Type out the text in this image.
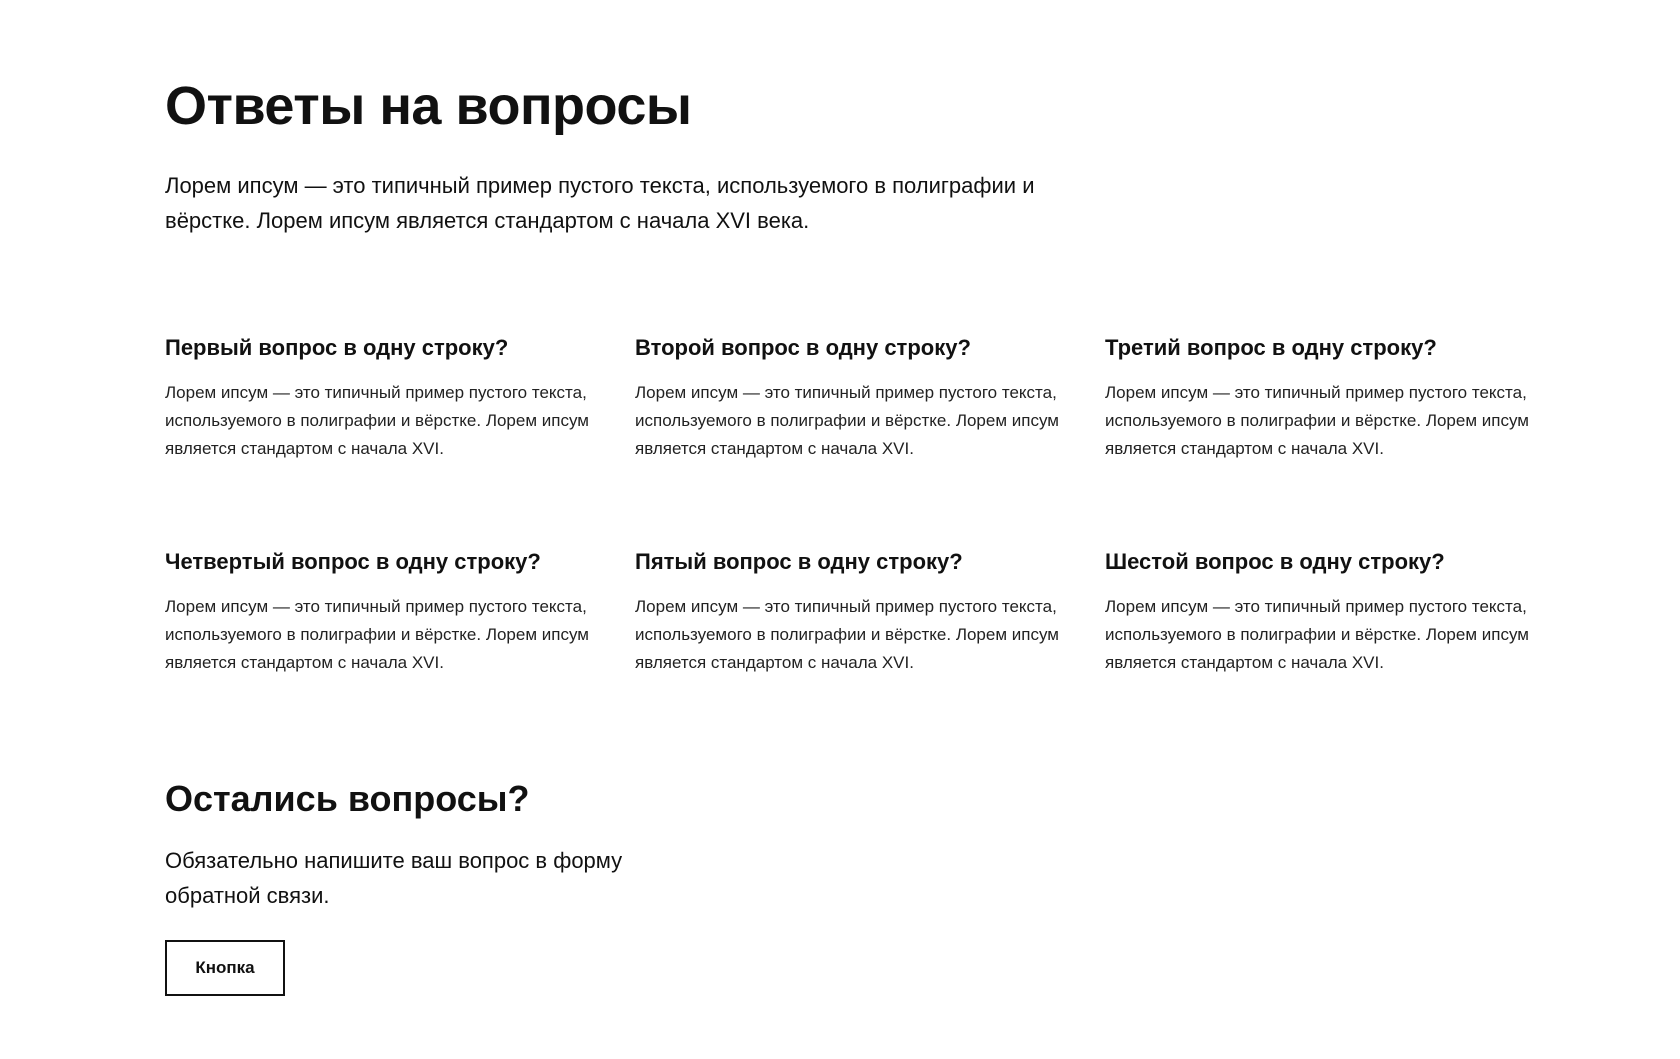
Ответы на вопросы

Лорем ипсум — это типичный пример пустого текста, используемого в полиграфии и вёрстке. Лорем ипсум является стандартом с начала XVI века.

Первый вопрос в одну строку?

Лорем ипсум — это типичный пример пустого текста, используемого в полиграфии и вёрстке. Лорем ипсум является стандартом с начала XVI.

Второй вопрос в одну строку?

Лорем ипсум — это типичный пример пустого текста, используемого в полиграфии и вёрстке. Лорем ипсум является стандартом с начала XVI.

Третий вопрос в одну строку?

Лорем ипсум — это типичный пример пустого текста, используемого в полиграфии и вёрстке. Лорем ипсум является стандартом с начала XVI.

Четвертый вопрос в одну строку?

Лорем ипсум — это типичный пример пустого текста, используемого в полиграфии и вёрстке. Лорем ипсум является стандартом с начала XVI.

Пятый вопрос в одну строку?

Лорем ипсум — это типичный пример пустого текста, используемого в полиграфии и вёрстке. Лорем ипсум является стандартом с начала XVI.

Шестой вопрос в одну строку?

Лорем ипсум — это типичный пример пустого текста, используемого в полиграфии и вёрстке. Лорем ипсум является стандартом с начала XVI.

Остались вопросы?

Обязательно напишите ваш вопрос в форму обратной связи.

Кнопка
